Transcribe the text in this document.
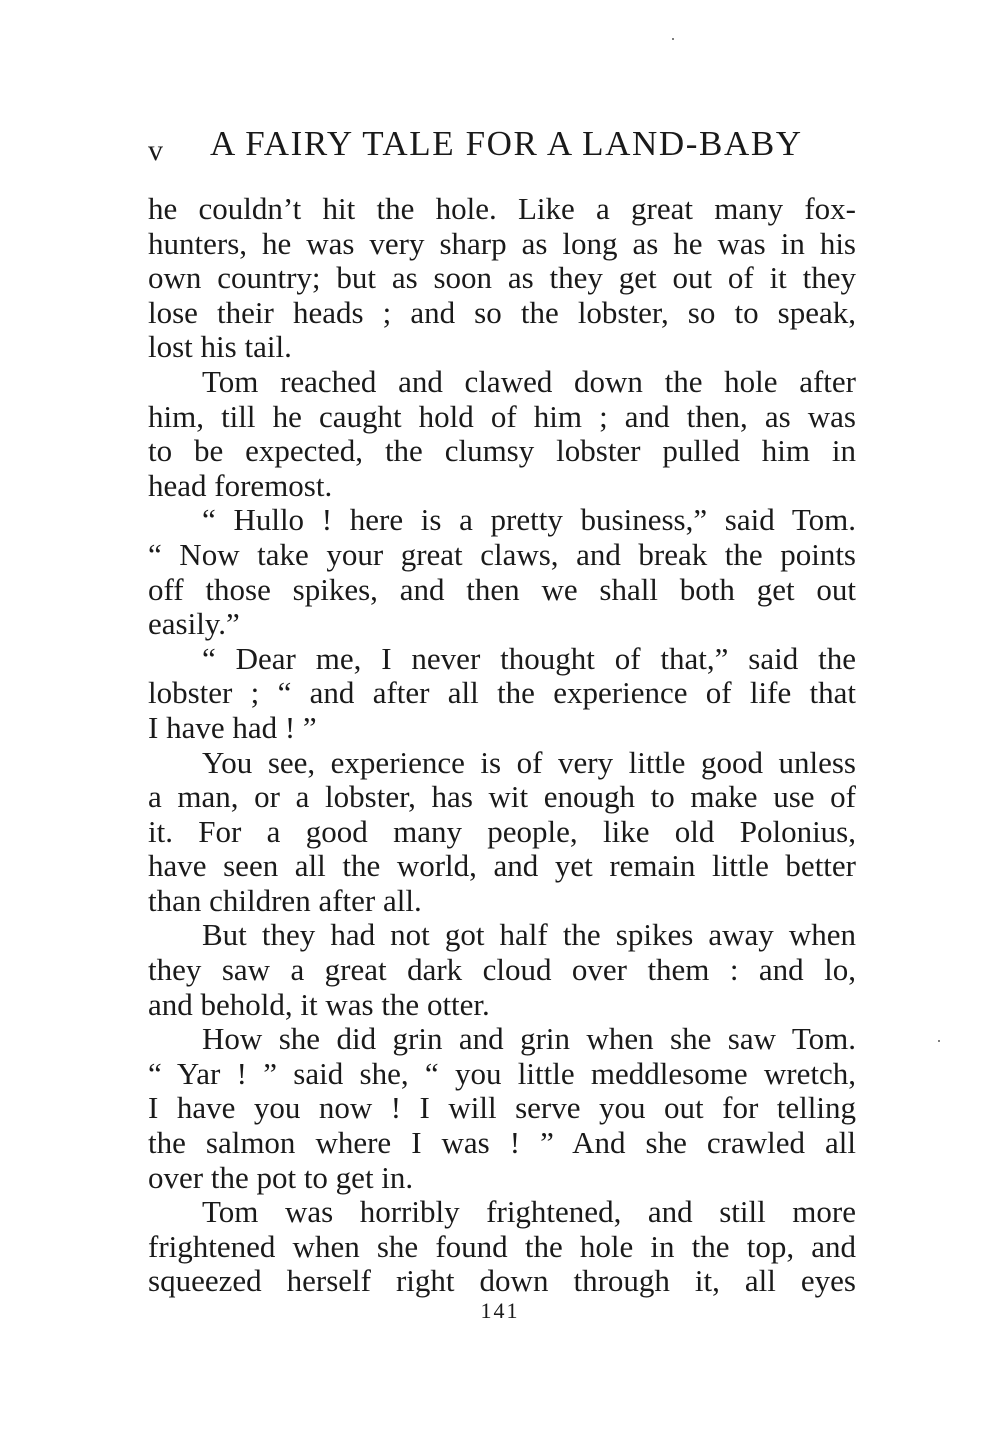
v A FAIRY TALE FOR A LAND-BABY
he couldn’t hit the hole. Like a great many fox-
hunters, he was very sharp as long as he was in his
own country; but as soon as they get out of it they
lose their heads ; and so the lobster, so to speak,
lost his tail.
Tom reached and clawed down the hole after
him, till he caught hold of him ; and then, as was
to be expected, the clumsy lobster pulled him in
head foremost.
“ Hullo ! here is a pretty business,” said Tom.
“ Now take your great claws, and break the points
off those spikes, and then we shall both get out
easily.”
“ Dear me, I never thought of that,” said the
lobster ; “ and after all the experience of life that
I have had ! ”
You see, experience is of very little good unless
a man, or a lobster, has wit enough to make use of
it. For a good many people, like old Polonius,
have seen all the world, and yet remain little better
than children after all.
But they had not got half the spikes away when
they saw a great dark cloud over them : and lo,
and behold, it was the otter.
How she did grin and grin when she saw Tom.
“ Yar ! ” said she, “ you little meddlesome wretch,
I have you now ! I will serve you out for telling
the salmon where I was ! ” And she crawled all
over the pot to get in.
Tom was horribly frightened, and still more
frightened when she found the hole in the top, and
squeezed herself right down through it, all eyes
141
